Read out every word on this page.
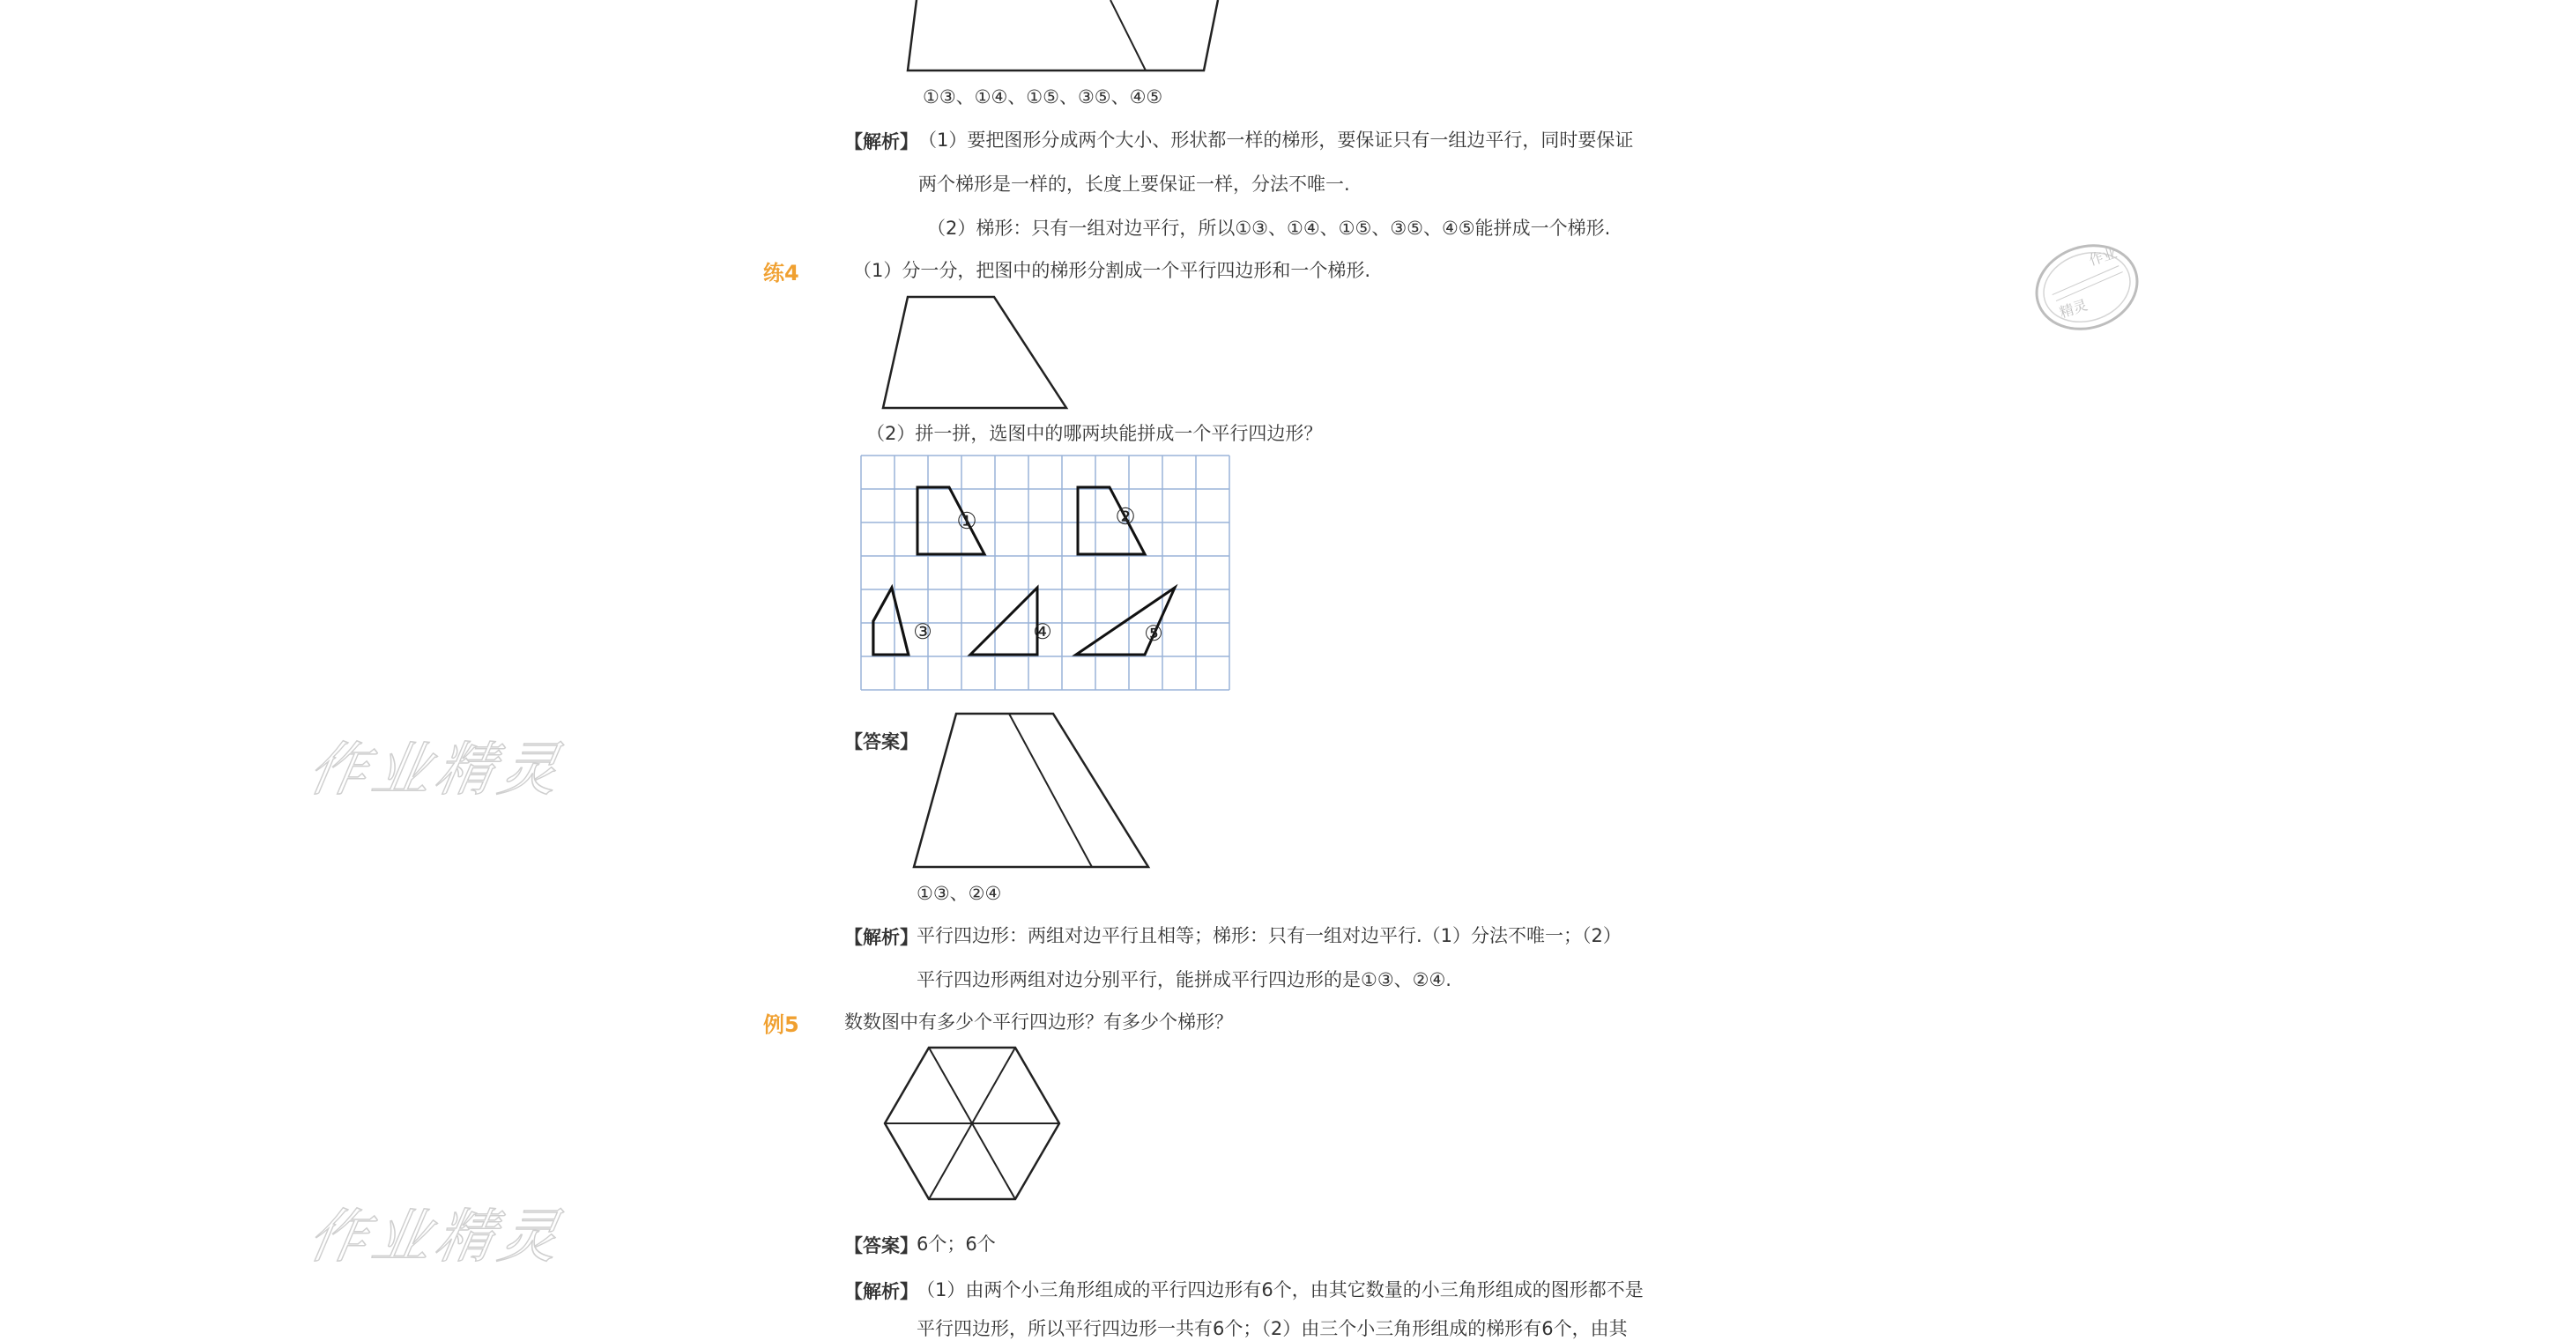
①③、①④、①⑤、③⑤、④⑤
【解析】 （1）要把图形分成两个大小、形状都一样的梯形，要保证只有一组边平行，同时要保证
两个梯形是一样的，长度上要保证一样，分法不唯一.
（2）梯形：只有一组对边平行，所以①③、①④、①⑤、③⑤、④⑤能拼成一个梯形.
练4	（1）分一分，把图中的梯形分割成一个平行四边形和一个梯形.
（2）拼一拼，选图中的哪两块能拼成一个平行四边形？
①	②
③	④	⑤
【答案】
①③、②④
【解析】
平行四边形：两组对边平行且相等；梯形：只有一组对边平行.（1）分法不唯一；（2）
平行四边形两组对边分别平行，能拼成平行四边形的是①③、②④.
例5 数数图中有多少个平行四边形？有多少个梯形？
【答案】
6个；6个
【解析】
（1）由两个小三角形组成的平行四边形有6个，由其它数量的小三角形组成的图形都不是
平行四边形，所以平行四边形一共有6个；（2）由三个小三角形组成的梯形有6个，由其
作业精灵
作业精灵
作业
精灵
